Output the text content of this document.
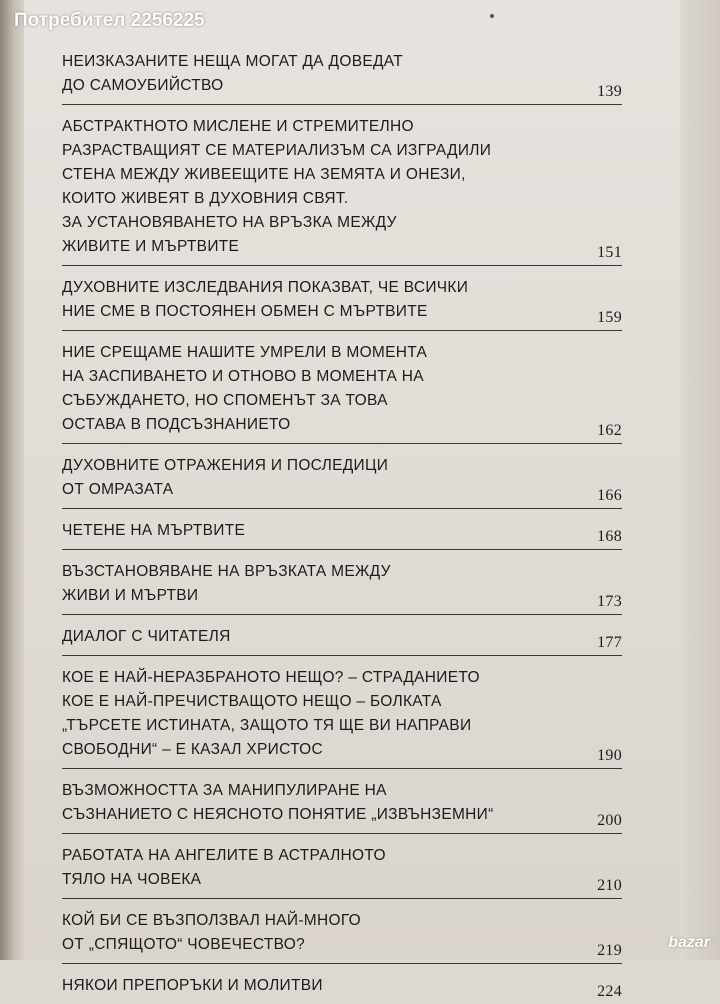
НЕИЗКАЗАНИТЕ НЕЩА МОГАТ ДА ДОВЕДАТ
ДО САМОУБИЙСТВО	139
АБСТРАКТНОТО МИСЛЕНЕ И СТРЕМИТЕЛНО
РАЗРАСТВАЩИЯТ СЕ МАТЕРИАЛИЗЪМ СА ИЗГРАДИЛИ
СТЕНА МЕЖДУ ЖИВЕЕЩИТЕ НА ЗЕМЯТА И ОНЕЗИ,
КОИТО ЖИВЕЯТ В ДУХОВНИЯ СВЯТ.
ЗА УСТАНОВЯВАНЕТО НА ВРЪЗКА МЕЖДУ
ЖИВИТЕ И МЪРТВИТЕ	151
ДУХОВНИТЕ ИЗСЛЕДВАНИЯ ПОКАЗВАТ, ЧЕ ВСИЧКИ
НИЕ СМЕ В ПОСТОЯНЕН ОБМЕН С МЪРТВИТЕ	159
НИЕ СРЕЩАМЕ НАШИТЕ УМРЕЛИ В МОМЕНТА
НА ЗАСПИВАНЕТО И ОТНОВО В МОМЕНТА НА
СЪБУЖДАНЕТО, НО СПОМЕНЪТ ЗА ТОВА
ОСТАВА В ПОДСЪЗНАНИЕТО	162
ДУХОВНИТЕ ОТРАЖЕНИЯ И ПОСЛЕДИЦИ
ОТ ОМРАЗАТА	166
ЧЕТЕНЕ НА МЪРТВИТЕ	168
ВЪЗСТАНОВЯВАНЕ НА ВРЪЗКАТА МЕЖДУ
ЖИВИ И МЪРТВИ	173
ДИАЛОГ С ЧИТАТЕЛЯ	177
КОЕ Е НАЙ-НЕРАЗБРАНОТО НЕЩО? – СТРАДАНИЕТО
КОЕ Е НАЙ-ПРЕЧИСТВАЩОТО НЕЩО – БОЛКАТА
„ТЪРСЕТЕ ИСТИНАТА, ЗАЩОТО ТЯ ЩЕ ВИ НАПРАВИ
СВОБОДНИ“ – Е КАЗАЛ ХРИСТОС	190
ВЪЗМОЖНОСТТА ЗА МАНИПУЛИРАНЕ НА
СЪЗНАНИЕТО С НЕЯСНОТО ПОНЯТИЕ „ИЗВЪНЗЕМНИ“	200
РАБОТАТА НА АНГЕЛИТЕ В АСТРАЛНОТО
ТЯЛО НА ЧОВЕКА	210
КОЙ БИ СЕ ВЪЗПОЛЗВАЛ НАЙ-МНОГО
ОТ „СПЯЩОТО“ ЧОВЕЧЕСТВО?	219
НЯКОИ ПРЕПОРЪКИ И МОЛИТВИ	224
Потребител 2256225
bazar
